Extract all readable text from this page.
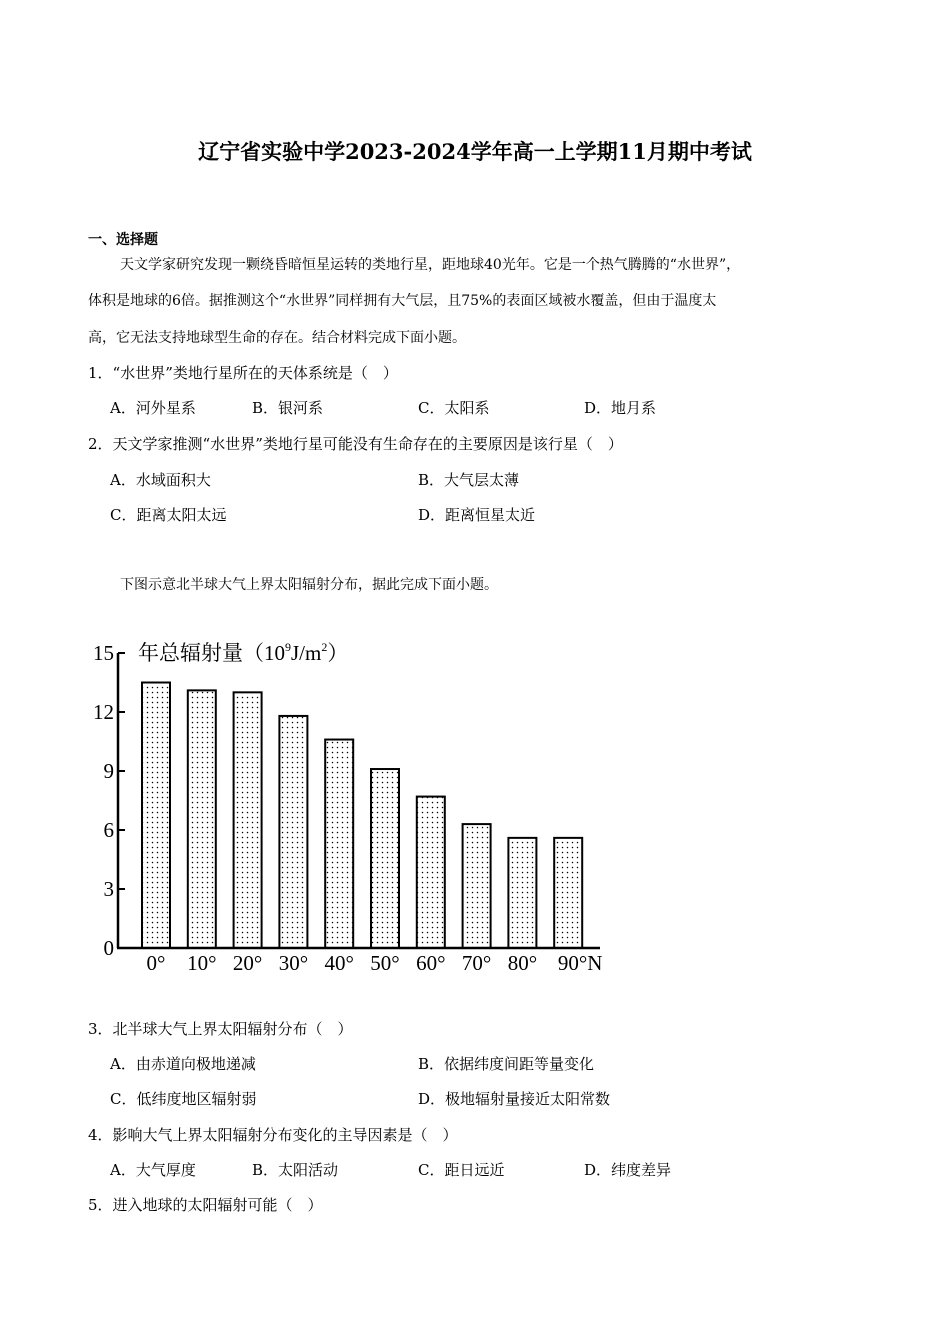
辽宁省实验中学2023-2024学年高一上学期11月期中考试
一、选择题
天文学家研究发现一颗绕昏暗恒星运转的类地行星，距地球40光年。它是一个热气腾腾的“水世界”，
体积是地球的6倍。据推测这个“水世界”同样拥有大气层，且75%的表面区域被水覆盖，但由于温度太
高，它无法支持地球型生命的存在。结合材料完成下面小题。
1．“水世界”类地行星所在的天体系统是（　）
A．河外星系	B．银河系	C．太阳系	D．地月系
2．天文学家推测“水世界”类地行星可能没有生命存在的主要原因是该行星（　）
A．水域面积大	B．大气层太薄
C．距离太阳太远	D．距离恒星太近
下图示意北半球大气上界太阳辐射分布，据此完成下面小题。
年总辐射量$(10^9J/m^2)$
0
3
6
9
12
15
0° 10° 20° 30° 40° 50° 60° 70° 80° 90°N
3．北半球大气上界太阳辐射分布（　）
A．由赤道向极地递减	B．依据纬度间距等量变化
C．低纬度地区辐射弱	D．极地辐射量接近太阳常数
4．影响大气上界太阳辐射分布变化的主导因素是（　）
A．大气厚度	B．太阳活动	C．距日远近	D．纬度差异
5．进入地球的太阳辐射可能（　）
